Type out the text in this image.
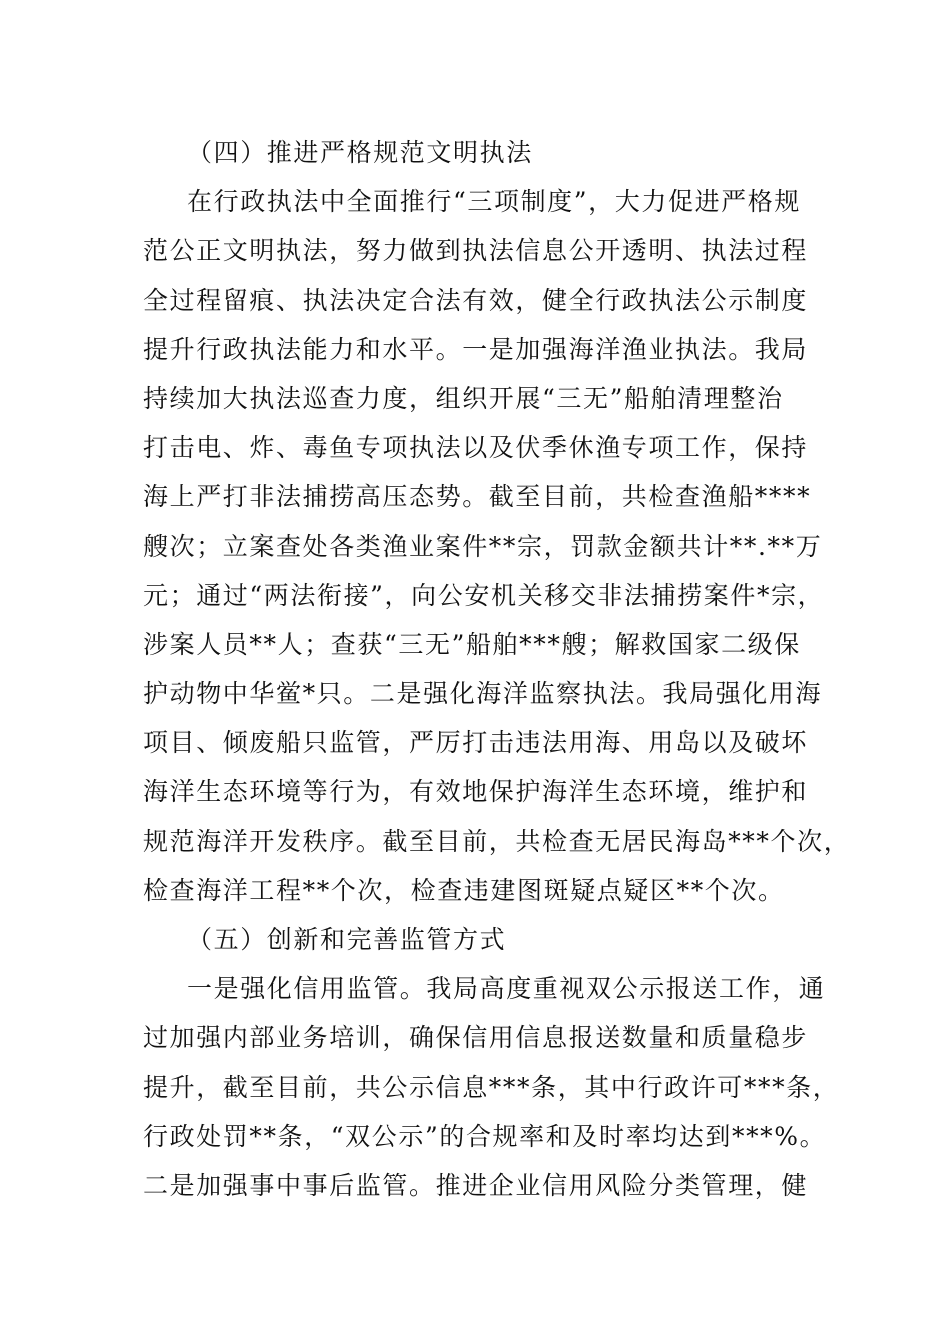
（四）推进严格规范文明执法
在行政执法中全面推行“三项制度”，大力促进严格规
范公正文明执法，努力做到执法信息公开透明、执法过程
全过程留痕、执法决定合法有效，健全行政执法公示制度
提升行政执法能力和水平。一是加强海洋渔业执法。我局
持续加大执法巡查力度，组织开展“三无”船舶清理整治
打击电、炸、毒鱼专项执法以及伏季休渔专项工作，保持
海上严打非法捕捞高压态势。截至目前，共检查渔船****
艘次；立案查处各类渔业案件**宗，罚款金额共计**.**万
元；通过“两法衔接”，向公安机关移交非法捕捞案件*宗，
涉案人员**人；查获“三无”船舶***艘；解救国家二级保
护动物中华鲎*只。二是强化海洋监察执法。我局强化用海
项目、倾废船只监管，严厉打击违法用海、用岛以及破坏
海洋生态环境等行为，有效地保护海洋生态环境，维护和
规范海洋开发秩序。截至目前，共检查无居民海岛***个次，
检查海洋工程**个次，检查违建图斑疑点疑区**个次。
（五）创新和完善监管方式
一是强化信用监管。我局高度重视双公示报送工作，通
过加强内部业务培训，确保信用信息报送数量和质量稳步
提升，截至目前，共公示信息***条，其中行政许可***条，
行政处罚**条，“双公示”的合规率和及时率均达到***%。
二是加强事中事后监管。推进企业信用风险分类管理，健
